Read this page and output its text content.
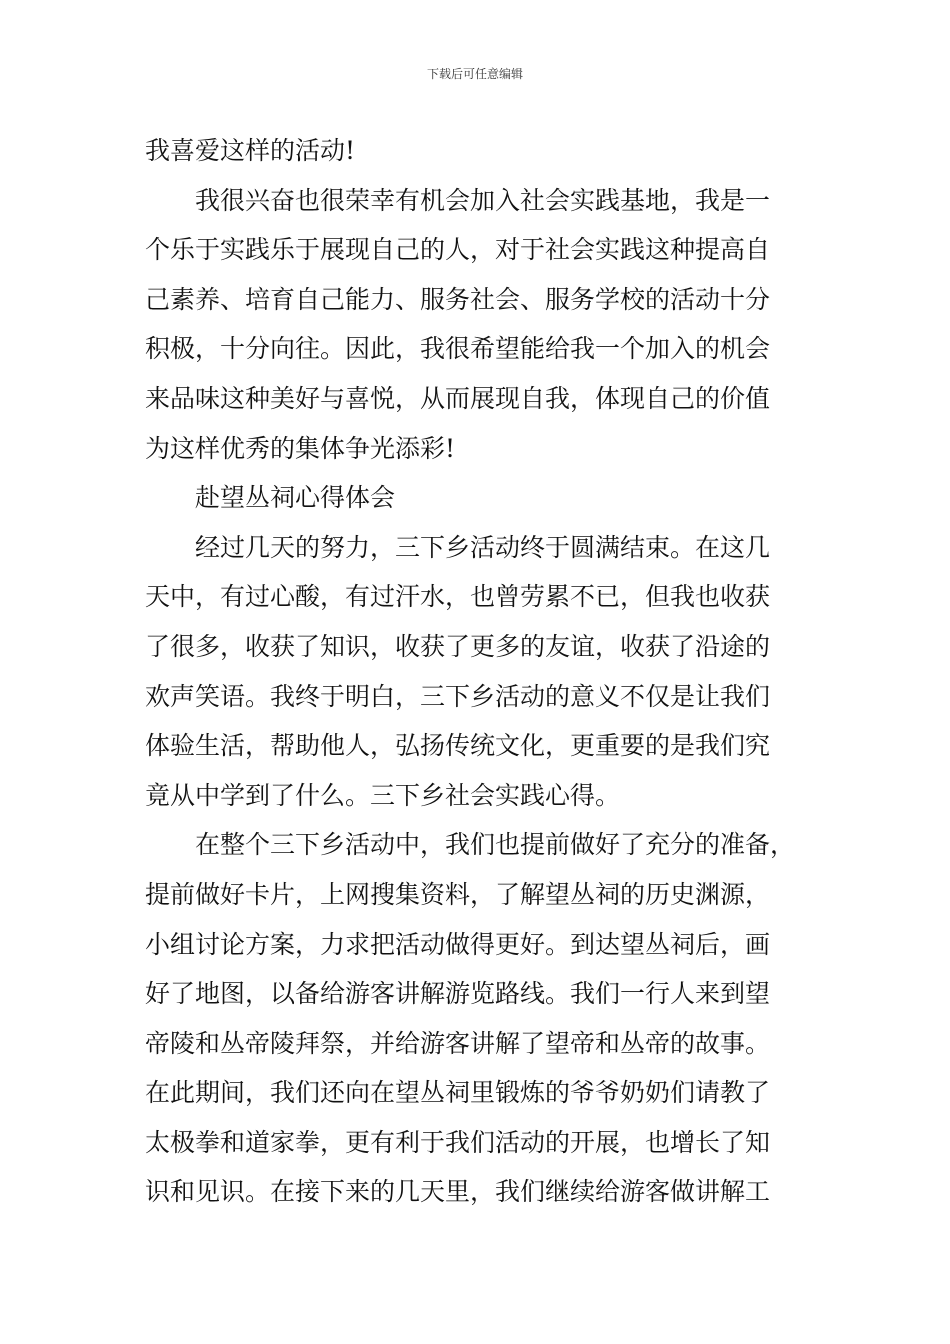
下载后可任意编辑
我喜爱这样的活动!
我很兴奋也很荣幸有机会加入社会实践基地，我是一
个乐于实践乐于展现自己的人，对于社会实践这种提高自
己素养、培育自己能力、服务社会、服务学校的活动十分
积极，十分向往。因此，我很希望能给我一个加入的机会
来品味这种美好与喜悦，从而展现自我，体现自己的价值
为这样优秀的集体争光添彩!
赴望丛祠心得体会
经过几天的努力，三下乡活动终于圆满结束。在这几
天中，有过心酸，有过汗水，也曾劳累不已，但我也收获
了很多，收获了知识，收获了更多的友谊，收获了沿途的
欢声笑语。我终于明白，三下乡活动的意义不仅是让我们
体验生活，帮助他人，弘扬传统文化，更重要的是我们究
竟从中学到了什么。三下乡社会实践心得。
在整个三下乡活动中，我们也提前做好了充分的准备，
提前做好卡片，上网搜集资料，了解望丛祠的历史渊源，
小组讨论方案，力求把活动做得更好。到达望丛祠后，画
好了地图，以备给游客讲解游览路线。我们一行人来到望
帝陵和丛帝陵拜祭，并给游客讲解了望帝和丛帝的故事。
在此期间，我们还向在望丛祠里锻炼的爷爷奶奶们请教了
太极拳和道家拳，更有利于我们活动的开展，也增长了知
识和见识。在接下来的几天里，我们继续给游客做讲解工
